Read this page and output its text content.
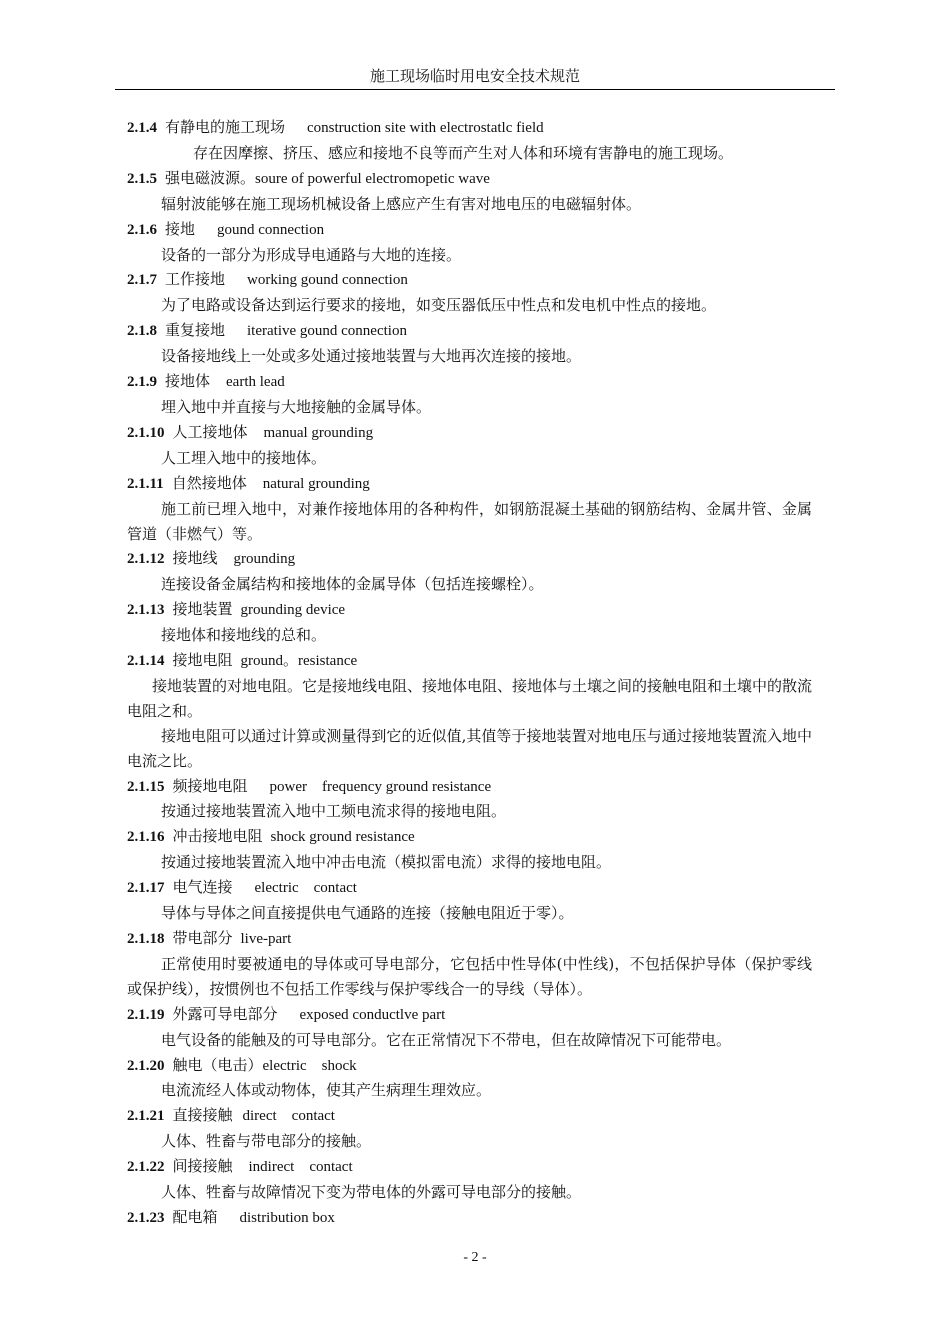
施工现场临时用电安全技术规范
2.1.4 有静电的施工现场 construction site with electrostatlc field
存在因摩擦、挤压、感应和接地不良等而产生对人体和环境有害静电的施工现场。
2.1.5 强电磁波源。soure of powerful electromopetic wave
辐射波能够在施工现场机械设备上感应产生有害对地电压的电磁辐射体。
2.1.6 接地 gound connection
设备的一部分为形成导电通路与大地的连接。
2.1.7 工作接地 working gound connection
为了电路或设备达到运行要求的接地，如变压器低压中性点和发电机中性点的接地。
2.1.8 重复接地 iterative gound connection
设备接地线上一处或多处通过接地装置与大地再次连接的接地。
2.1.9 接地体 earth lead
埋入地中并直接与大地接触的金属导体。
2.1.10 人工接地体 manual grounding
人工埋入地中的接地体。
2.1.11 自然接地体 natural grounding
施工前已埋入地中，对兼作接地体用的各种构件，如钢筋混凝土基础的钢筋结构、金属井管、金属管道（非燃气）等。
2.1.12 接地线 grounding
连接设备金属结构和接地体的金属导体（包括连接螺栓）。
2.1.13 接地装置 grounding device
接地体和接地线的总和。
2.1.14 接地电阻 ground。resistance
接地装置的对地电阻。它是接地线电阻、接地体电阻、接地体与土壤之间的接触电阻和土壤中的散流电阻之和。
接地电阻可以通过计算或测量得到它的近似值,其值等于接地装置对地电压与通过接地装置流入地中电流之比。
2.1.15 频接地电阻 power　frequency ground resistance
按通过接地装置流入地中工频电流求得的接地电阻。
2.1.16 冲击接地电阻 shock ground resistance
按通过接地装置流入地中冲击电流（模拟雷电流）求得的接地电阻。
2.1.17 电气连接 electric　contact
导体与导体之间直接提供电气通路的连接（接触电阻近于零）。
2.1.18 带电部分 live-part
正常使用时要被通电的导体或可导电部分，它包括中性导体(中性线)，不包括保护导体（保护零线或保护线），按惯例也不包括工作零线与保护零线合一的导线（导体）。
2.1.19 外露可导电部分 exposed conductlve part
电气设备的能触及的可导电部分。它在正常情况下不带电，但在故障情况下可能带电。
2.1.20 触电（电击）electric　shock
电流流经人体或动物体，使其产生病理生理效应。
2.1.21 直接接触 direct　contact
人体、牲畜与带电部分的接触。
2.1.22 间接接触 indirect　contact
人体、牲畜与故障情况下变为带电体的外露可导电部分的接触。
2.1.23 配电箱 distribution box
- 2 -
